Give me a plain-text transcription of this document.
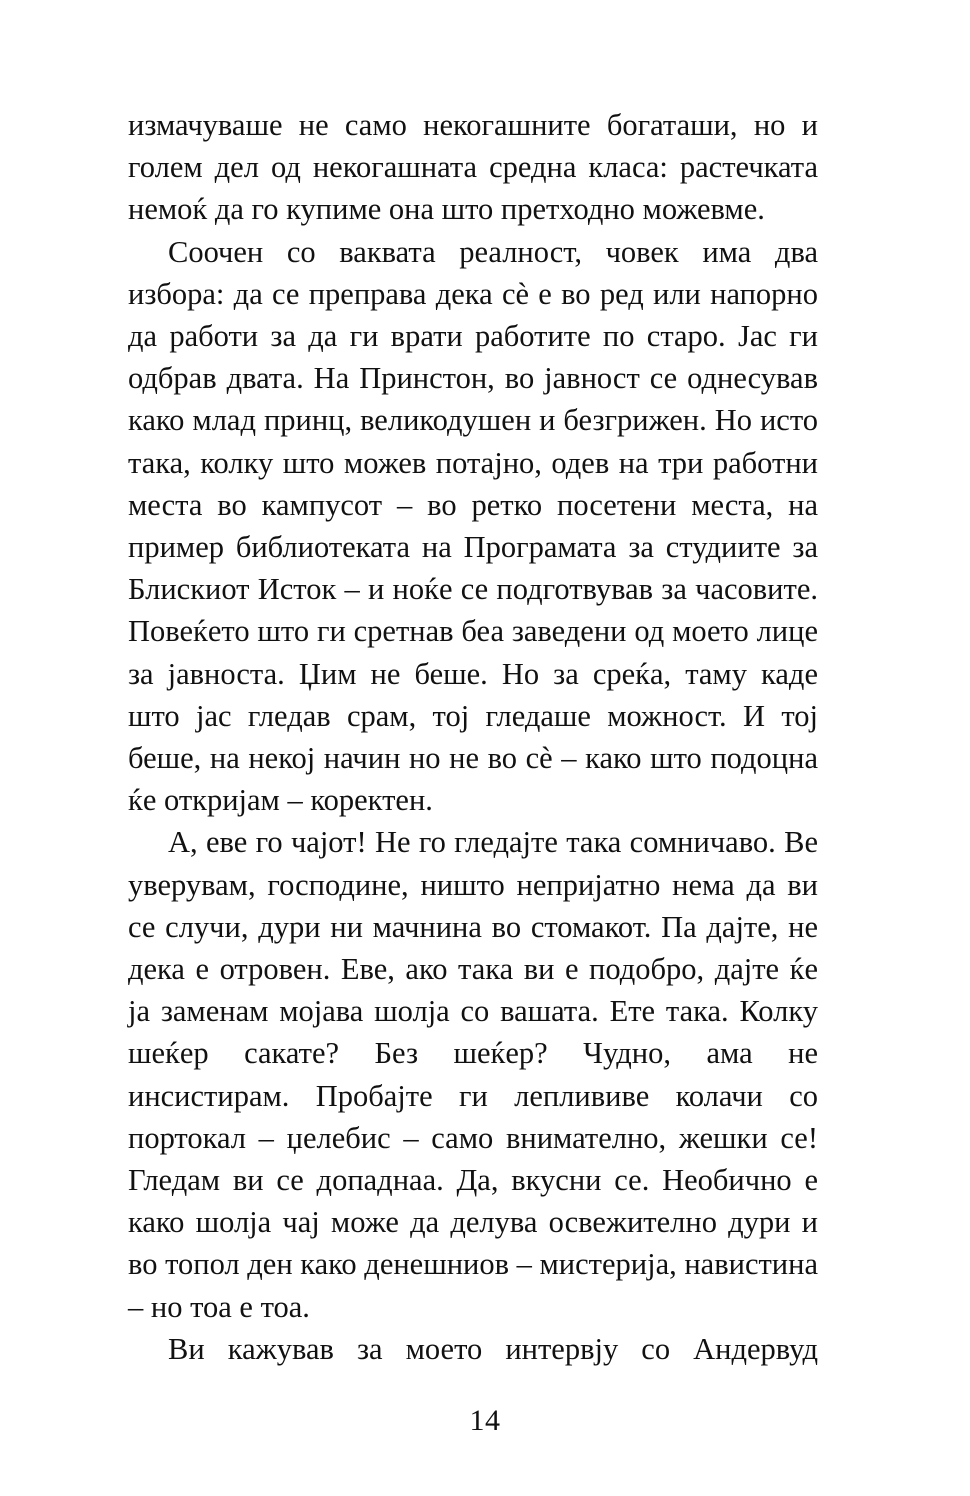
измачуваше не само некогашните богаташи, но и голем дел од некогашната средна класа: растечката немоќ да го купиме она што претходно можевме.

Соочен со ваквата реалност, човек има два избора: да се преправа дека сѐ е во ред или напорно да работи за да ги врати работите по старо. Јас ги одбрав двата. На Принстон, во јавност се однесував како млад принц, великодушен и безгрижен. Но исто така, колку што можев потајно, одев на три работни места во кампусот – во ретко посетени места, на пример библиотеката на Програмата за студиите за Блискиот Исток – и ноќе се подготвував за часовите. Повеќето што ги сретнав беа заведени од моето лице за јавноста. Џим не беше. Но за среќа, таму каде што јас гледав срам, тој гледаше можност. И тој беше, на некој начин но не во сѐ – како што подоцна ќе откријам – коректен.

А, еве го чајот! Не го гледајте така сомничаво. Ве уверувам, господине, ништо непријатно нема да ви се случи, дури ни мачнина во стомакот. Па дајте, не дека е отровен. Еве, ако така ви е подобро, дајте ќе ја заменам мојава шолја со вашата. Ете така. Колку шеќер сакате? Без шеќер? Чудно, ама не инсистирам. Пробајте ги леплививе колачи со портокал – џелебис – само внимателно, жешки се! Гледам ви се допаднаа. Да, вкусни се. Необично е како шолја чај може да делува освежително дури и во топол ден како денешниов – мистерија, навистина – но тоа е тоа.

Ви кажував за моето интервју со Андервуд

14
